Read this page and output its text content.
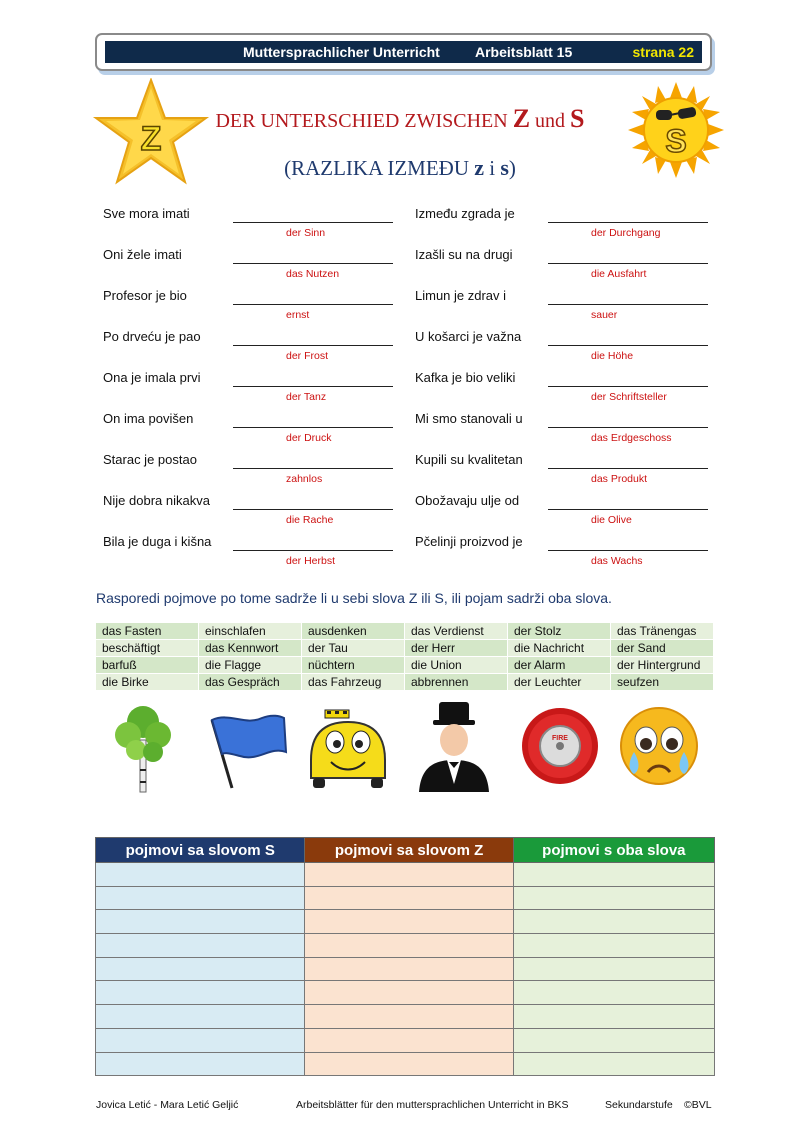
Muttersprachlicher Unterricht	Arbeitsblatt 15	strana 22
Z	S
DER UNTERSCHIED ZWISCHEN Z und S
(RAZLIKA IZMEĐU z i s)
Sve mora imati
der Sinn
Oni žele imati
das Nutzen
Profesor je bio
ernst
Po drveću je pao
der Frost
Ona je imala prvi
der Tanz
On ima povišen
der Druck
Starac je postao
zahnlos
Nije dobra nikakva
die Rache
Bila je duga i kišna
der Herbst
Između zgrada je
der Durchgang
Izašli su na drugi
die Ausfahrt
Limun je zdrav i
sauer
U košarci je važna
die Höhe
Kafka je bio veliki
der Schriftsteller
Mi smo stanovali u
das Erdgeschoss
Kupili su kvalitetan
das Produkt
Obožavaju ulje od
die Olive
Pčelinji proizvod je
das Wachs
Rasporedi pojmove po tome sadrže li u sebi slova Z ili S, ili pojam sadrži oba slova.
das Fasten	einschlafen	ausdenken	das Verdienst	der Stolz	das Tränengas
beschäftigt	das Kennwort	der Tau	der Herr	die Nachricht	der Sand
barfuß	die Flagge	nüchtern	die Union	der Alarm	der Hintergrund
die Birke	das Gespräch	das Fahrzeug	abbrennen	der Leuchter	seufzen
FIRE
pojmovi sa slovom S	pojmovi sa slovom Z	pojmovi s oba slova

Jovica Letić - Mara Letić Geljić	Arbeitsblätter für den muttersprachlichen Unterricht in BKS	Sekundarstufe ©BVL
